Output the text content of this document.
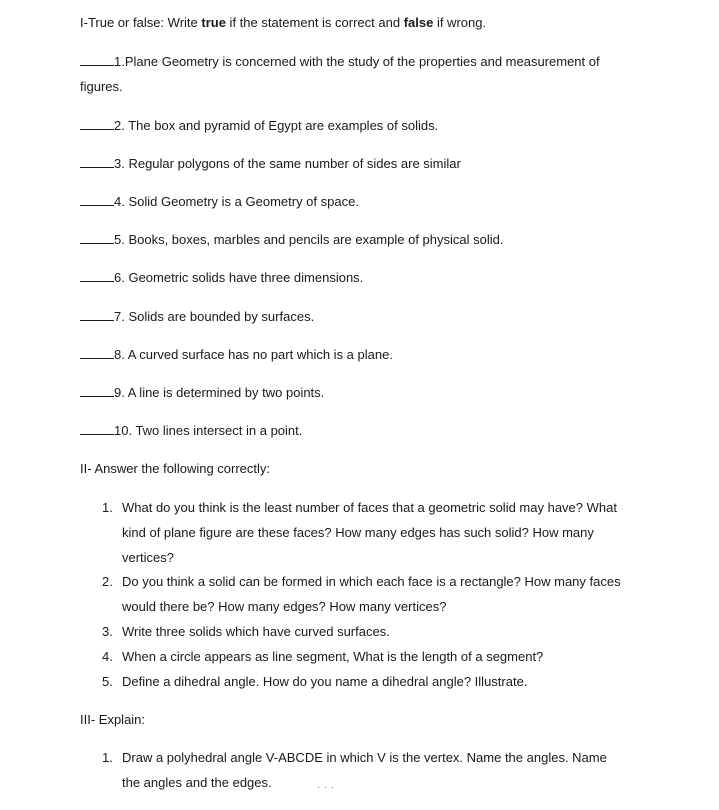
I-True or false: Write true if the statement is correct and false if wrong.
1.Plane Geometry is concerned with the study of the properties and measurement of
figures.
2. The box and pyramid of Egypt are examples of solids.
3. Regular polygons of the same number of sides are similar
4. Solid Geometry is a Geometry of space.
5. Books, boxes, marbles and pencils are example of physical solid.
6. Geometric solids have three dimensions.
7. Solids are bounded by surfaces.
8. A curved surface has no part which is a plane.
9. A line is determined by two points.
10. Two lines intersect in a point.
II- Answer the following correctly:
1. What do you think is the least number of faces that a geometric solid may have? What
kind of plane figure are these faces? How many edges has such solid? How many
vertices?
2. Do you think a solid can be formed in which each face is a rectangle? How many faces
would there be? How many edges? How many vertices?
3. Write three solids which have curved surfaces.
4. When a circle appears as line segment, What is the length of a segment?
5. Define a dihedral angle. How do you name a dihedral angle? Illustrate.
III- Explain:
1. Draw a polyhedral angle V-ABCDE in which V is the vertex. Name the angles. Name
the angles and the edges.
